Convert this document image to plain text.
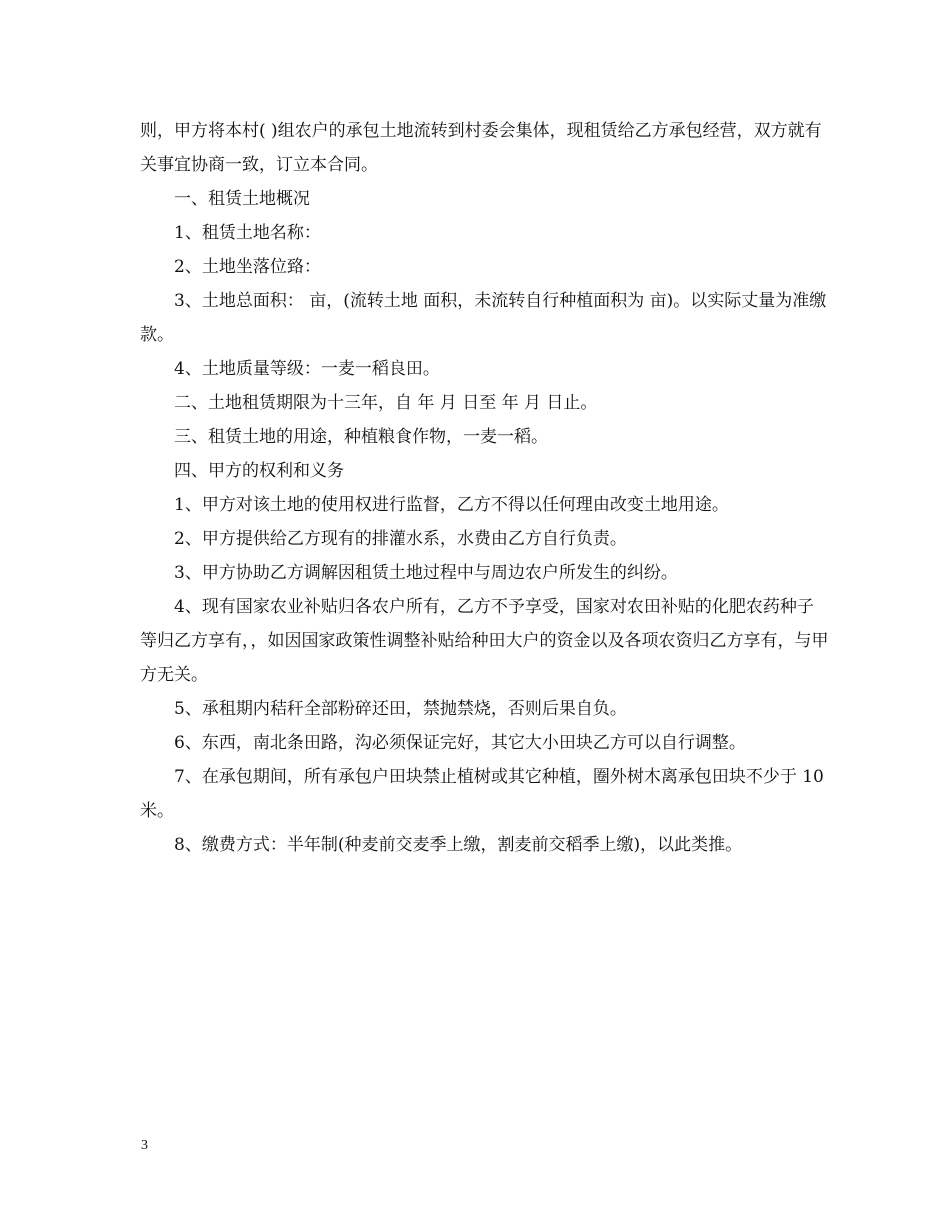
则，甲方将本村( )组农户的承包土地流转到村委会集体，现租赁给乙方承包经营，双方就有关事宜协商一致，订立本合同。

一、租赁土地概况

1、租赁土地名称：

2、土地坐落位臵：

3、土地总面积： 亩，(流转土地 面积，未流转自行种植面积为 亩)。以实际丈量为准缴款。

4、土地质量等级：一麦一稻良田。

二、土地租赁期限为十三年，自 年 月 日至 年 月 日止。

三、租赁土地的用途，种植粮食作物，一麦一稻。

四、甲方的权利和义务

1、甲方对该土地的使用权进行监督，乙方不得以任何理由改变土地用途。

2、甲方提供给乙方现有的排灌水系，水费由乙方自行负责。

3、甲方协助乙方调解因租赁土地过程中与周边农户所发生的纠纷。

4、现有国家农业补贴归各农户所有，乙方不予享受，国家对农田补贴的化肥农药种子等归乙方享有，，如因国家政策性调整补贴给种田大户的资金以及各项农资归乙方享有，与甲方无关。

5、承租期内秸秆全部粉碎还田，禁抛禁烧，否则后果自负。

6、东西，南北条田路，沟必须保证完好，其它大小田块乙方可以自行调整。

7、在承包期间，所有承包户田块禁止植树或其它种植，圈外树木离承包田块不少于 10 米。

8、缴费方式：半年制(种麦前交麦季上缴，割麦前交稻季上缴)，以此类推。

3
